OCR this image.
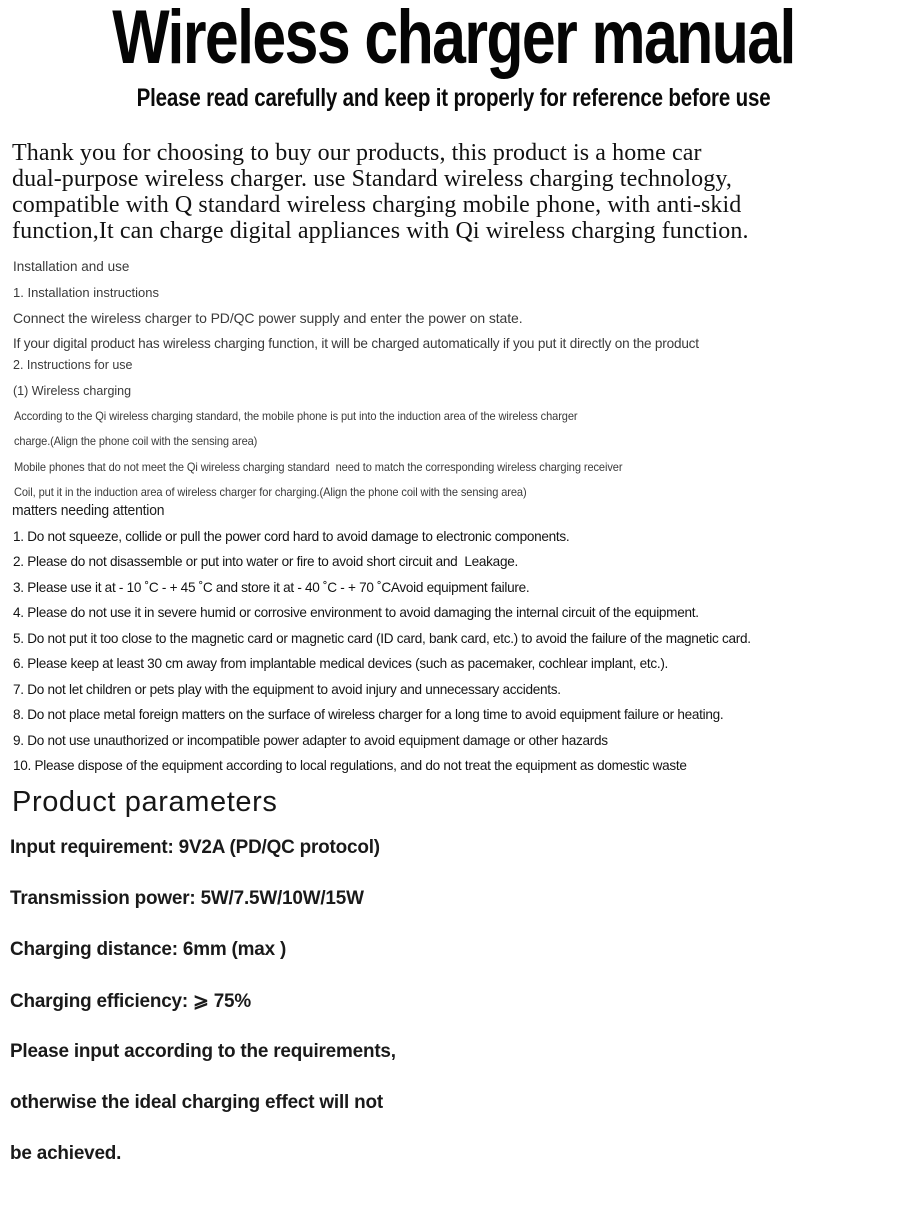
Wireless charger manual
Please read carefully and keep it properly for reference before use
Thank you for choosing to buy our products, this product is a home car
dual-purpose wireless charger. use Standard wireless charging technology,
compatible with Q standard wireless charging mobile phone, with anti-skid
function,It can charge digital appliances with Qi wireless charging function.
Installation and use
1. Installation instructions
Connect the wireless charger to PD/QC power supply and enter the power on state.
If your digital product has wireless charging function, it will be charged automatically if you put it directly on the product
2. Instructions for use
(1) Wireless charging
According to the Qi wireless charging standard, the mobile phone is put into the induction area of the wireless charger
charge.(Align the phone coil with the sensing area)
Mobile phones that do not meet the Qi wireless charging standard  need to match the corresponding wireless charging receiver
Coil, put it in the induction area of wireless charger for charging.(Align the phone coil with the sensing area)
matters needing attention
1. Do not squeeze, collide or pull the power cord hard to avoid damage to electronic components.
2. Please do not disassemble or put into water or fire to avoid short circuit and  Leakage.
3. Please use it at - 10 ˚C - + 45 ˚C and store it at - 40 ˚C - + 70 ˚CAvoid equipment failure.
4. Please do not use it in severe humid or corrosive environment to avoid damaging the internal circuit of the equipment.
5. Do not put it too close to the magnetic card or magnetic card (ID card, bank card, etc.) to avoid the failure of the magnetic card.
6. Please keep at least 30 cm away from implantable medical devices (such as pacemaker, cochlear implant, etc.).
7. Do not let children or pets play with the equipment to avoid injury and unnecessary accidents.
8. Do not place metal foreign matters on the surface of wireless charger for a long time to avoid equipment failure or heating.
9. Do not use unauthorized or incompatible power adapter to avoid equipment damage or other hazards
10. Please dispose of the equipment according to local regulations, and do not treat the equipment as domestic waste
Product parameters
Input requirement: 9V2A (PD/QC protocol)
Transmission power: 5W/7.5W/10W/15W
Charging distance: 6mm (max )
Charging efficiency: ⩾ 75%
Please input according to the requirements,
otherwise the ideal charging effect will not
be achieved.
